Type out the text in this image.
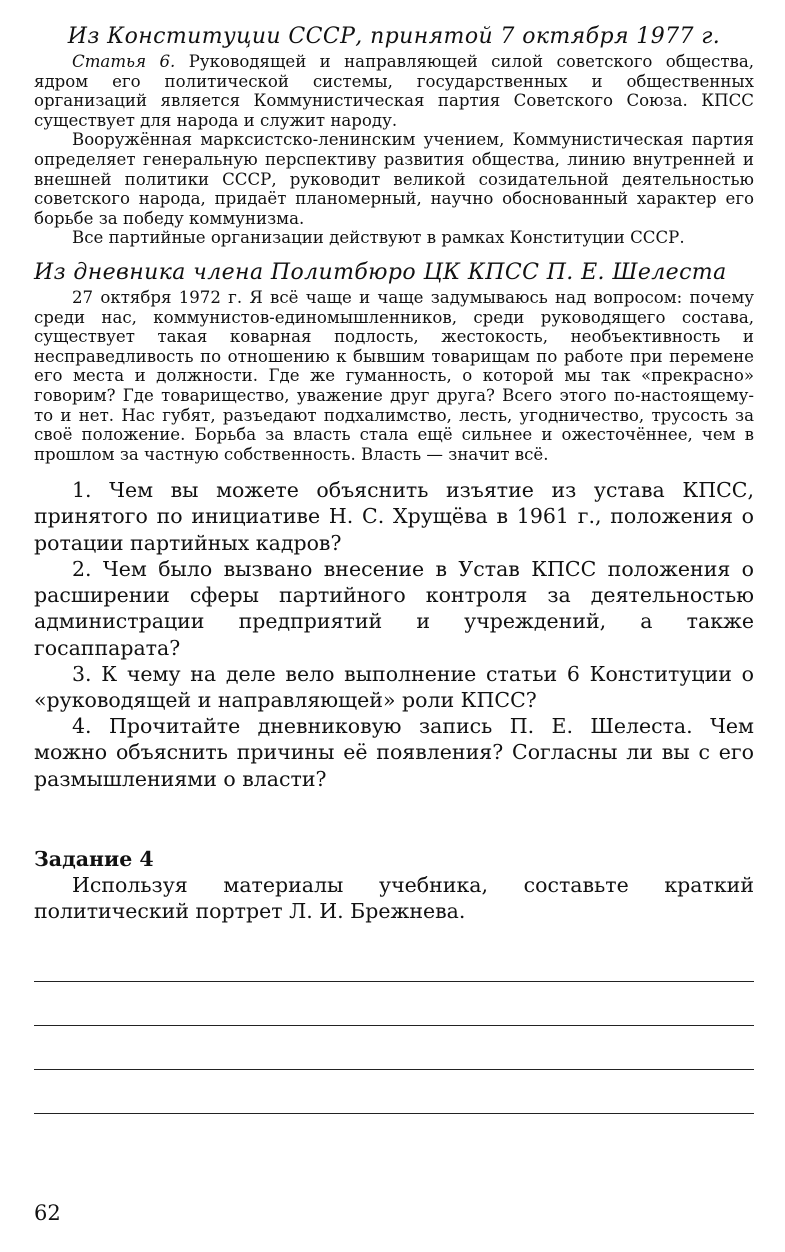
Из Конституции СССР, принятой 7 октября 1977 г.

Статья 6. Руководящей и направляющей силой советского общества, ядром его политической системы, государственных и общественных организаций является Коммунистическая партия Советского Союза. КПСС существует для народа и служит народу.

Вооружённая марксистско-ленинским учением, Коммунистическая партия определяет генеральную перспективу развития общества, линию внутренней и внешней политики СССР, руководит великой созидательной деятельностью советского народа, придаёт планомерный, научно обоснованный характер его борьбе за победу коммунизма.

Все партийные организации действуют в рамках Конституции СССР.

Из дневника члена Политбюро ЦК КПСС П. Е. Шелеста

27 октября 1972 г. Я всё чаще и чаще задумываюсь над вопросом: почему среди нас, коммунистов-единомышленников, среди руководящего состава, существует такая коварная подлость, жестокость, необъективность и несправедливость по отношению к бывшим товарищам по работе при перемене его места и должности. Где же гуманность, о которой мы так «прекрасно» говорим? Где товарищество, уважение друг друга? Всего этого по-настоящему-то и нет. Нас губят, разъедают подхалимство, лесть, угодничество, трусость за своё положение. Борьба за власть стала ещё сильнее и ожесточённее, чем в прошлом за частную собственность. Власть — значит всё.

1. Чем вы можете объяснить изъятие из устава КПСС, принятого по инициативе Н. С. Хрущёва в 1961 г., положения о ротации партийных кадров?

2. Чем было вызвано внесение в Устав КПСС положения о расширении сферы партийного контроля за деятельностью администрации предприятий и учреждений, а также госаппарата?

3. К чему на деле вело выполнение статьи 6 Конституции о «руководящей и направляющей» роли КПСС?

4. Прочитайте дневниковую запись П. Е. Шелеста. Чем можно объяснить причины её появления? Согласны ли вы с его размышлениями о власти?

Задание 4

Используя материалы учебника, составьте краткий политический портрет Л. И. Брежнева.

62
